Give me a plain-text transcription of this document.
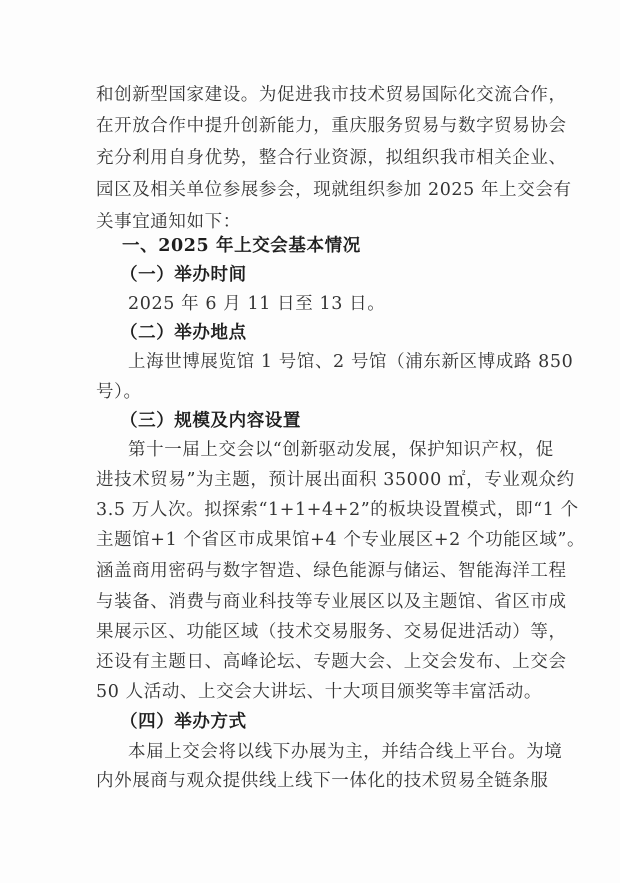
和创新型国家建设。为促进我市技术贸易国际化交流合作，
在开放合作中提升创新能力，重庆服务贸易与数字贸易协会
充分利用自身优势，整合行业资源，拟组织我市相关企业、
园区及相关单位参展参会，现就组织参加 2025 年上交会有
关事宜通知如下：
一、2025 年上交会基本情况
（一）举办时间
2025 年 6 月 11 日至 13 日。
（二）举办地点
上海世博展览馆 1 号馆、2 号馆（浦东新区博成路 850
号）。
（三）规模及内容设置
第十一届上交会以“创新驱动发展，保护知识产权，促
进技术贸易”为主题，预计展出面积 35000 ㎡，专业观众约
3.5 万人次。拟探索“1+1+4+2”的板块设置模式，即“1 个
主题馆+1 个省区市成果馆+4 个专业展区+2 个功能区域”。
涵盖商用密码与数字智造、绿色能源与储运、智能海洋工程
与装备、消费与商业科技等专业展区以及主题馆、省区市成
果展示区、功能区域（技术交易服务、交易促进活动）等，
还设有主题日、高峰论坛、专题大会、上交会发布、上交会
50 人活动、上交会大讲坛、十大项目颁奖等丰富活动。
（四）举办方式
本届上交会将以线下办展为主，并结合线上平台。为境
内外展商与观众提供线上线下一体化的技术贸易全链条服
